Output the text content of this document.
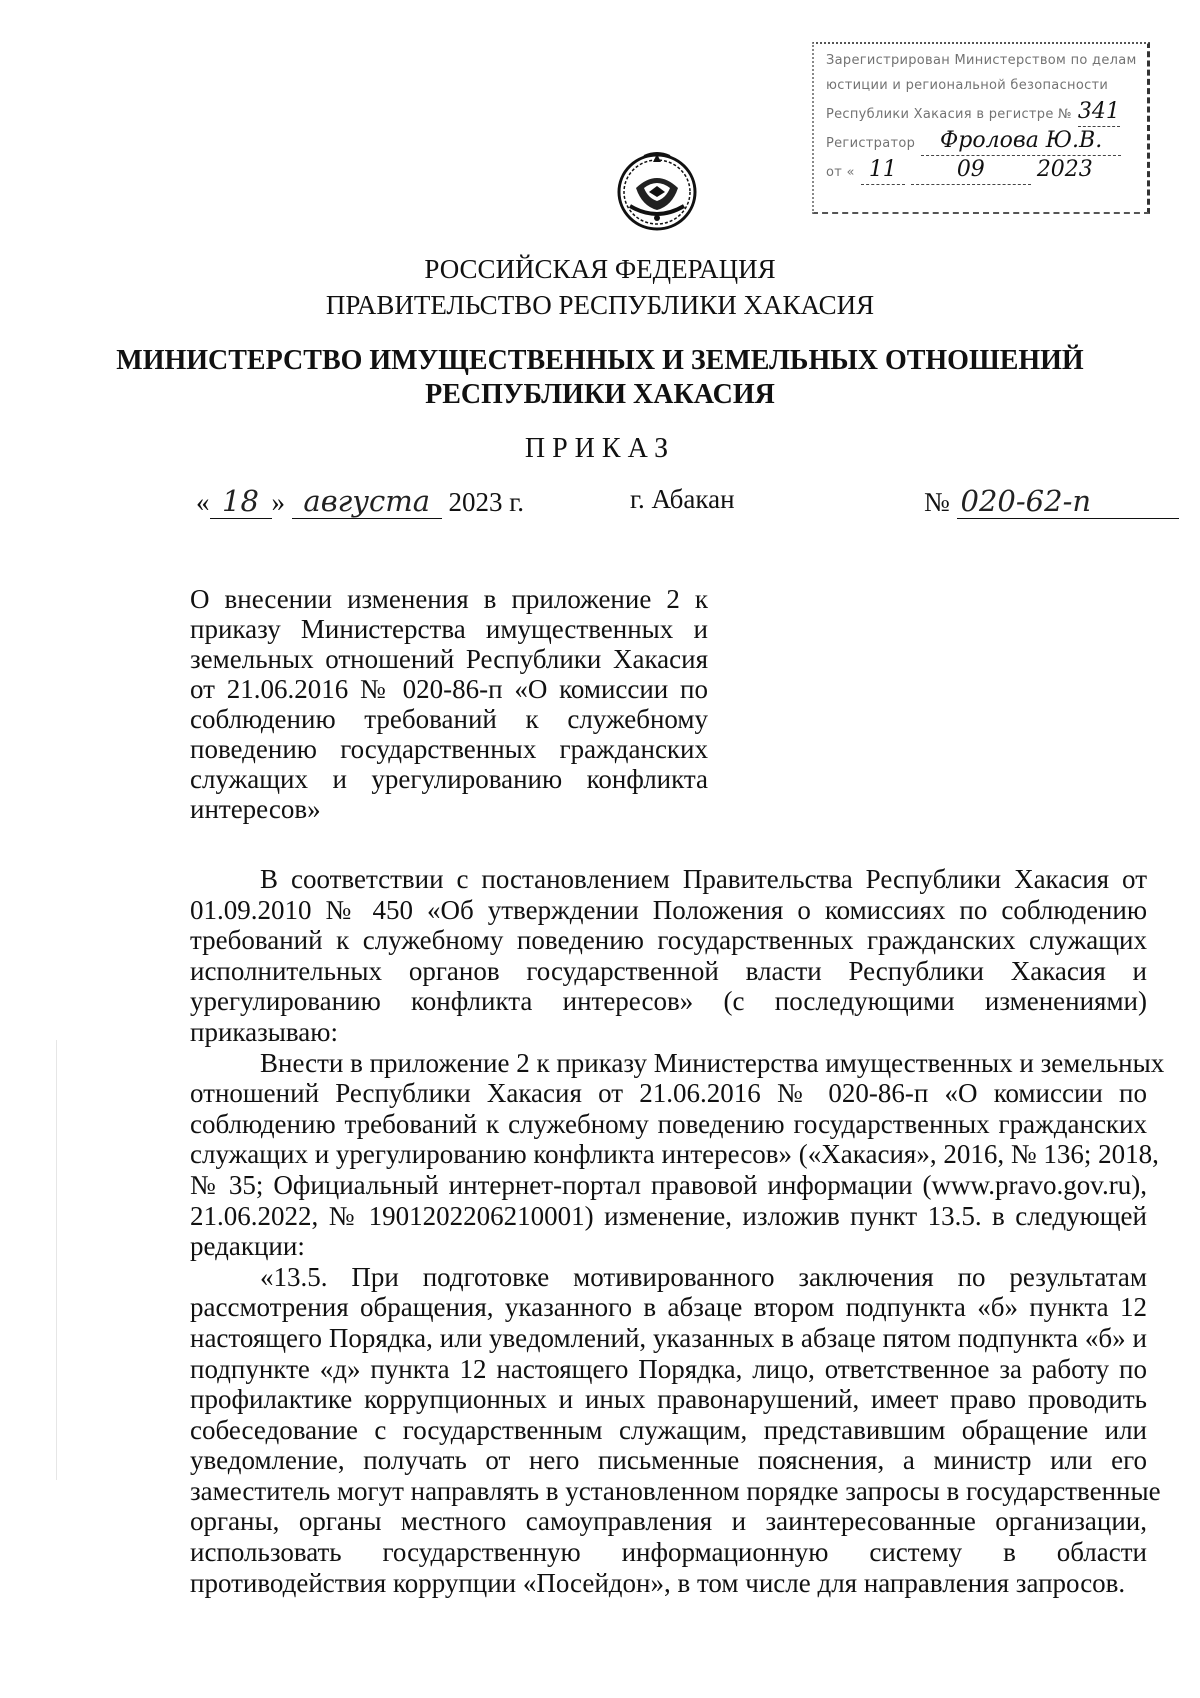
Зарегистрирован Министерством по делам
юстиции и региональной безопасности
Республики Хакасия в регистре № 341
Регистратор	Фролова Ю.В.
от « 11	09	2023
РОССИЙСКАЯ ФЕДЕРАЦИЯ
ПРАВИТЕЛЬСТВО РЕСПУБЛИКИ ХАКАСИЯ
МИНИСТЕРСТВО ИМУЩЕСТВЕННЫХ И ЗЕМЕЛЬНЫХ ОТНОШЕНИЙ
РЕСПУБЛИКИ ХАКАСИЯ
ПРИКАЗ
« 18 » августа 2023 г.	г. Абакан	№ 020-62-п
О внесении изменения в приложение 2 к
приказу Министерства имущественных и
земельных отношений Республики Хакасия
от 21.06.2016 № 020-86-п «О комиссии по
соблюдению требований к служебному
поведению государственных гражданских
служащих и урегулированию конфликта
интересов»
В соответствии с постановлением Правительства Республики Хакасия от
01.09.2010 № 450 «Об утверждении Положения о комиссиях по соблюдению
требований к служебному поведению государственных гражданских служащих
исполнительных органов государственной власти Республики Хакасия и
урегулированию конфликта интересов» (с последующими изменениями)
приказываю:
Внести в приложение 2 к приказу Министерства имущественных и земельных
отношений Республики Хакасия от 21.06.2016 № 020-86-п «О комиссии по
соблюдению требований к служебному поведению государственных гражданских
служащих и урегулированию конфликта интересов» («Хакасия», 2016, № 136; 2018,
№ 35; Официальный интернет-портал правовой информации (www.pravo.gov.ru),
21.06.2022, № 1901202206210001) изменение, изложив пункт 13.5. в следующей
редакции:
«13.5. При подготовке мотивированного заключения по результатам
рассмотрения обращения, указанного в абзаце втором подпункта «б» пункта 12
настоящего Порядка, или уведомлений, указанных в абзаце пятом подпункта «б» и
подпункте «д» пункта 12 настоящего Порядка, лицо, ответственное за работу по
профилактике коррупционных и иных правонарушений, имеет право проводить
собеседование с государственным служащим, представившим обращение или
уведомление, получать от него письменные пояснения, а министр или его
заместитель могут направлять в установленном порядке запросы в государственные
органы, органы местного самоуправления и заинтересованные организации,
использовать государственную информационную систему в области
противодействия коррупции «Посейдон», в том числе для направления запросов.
